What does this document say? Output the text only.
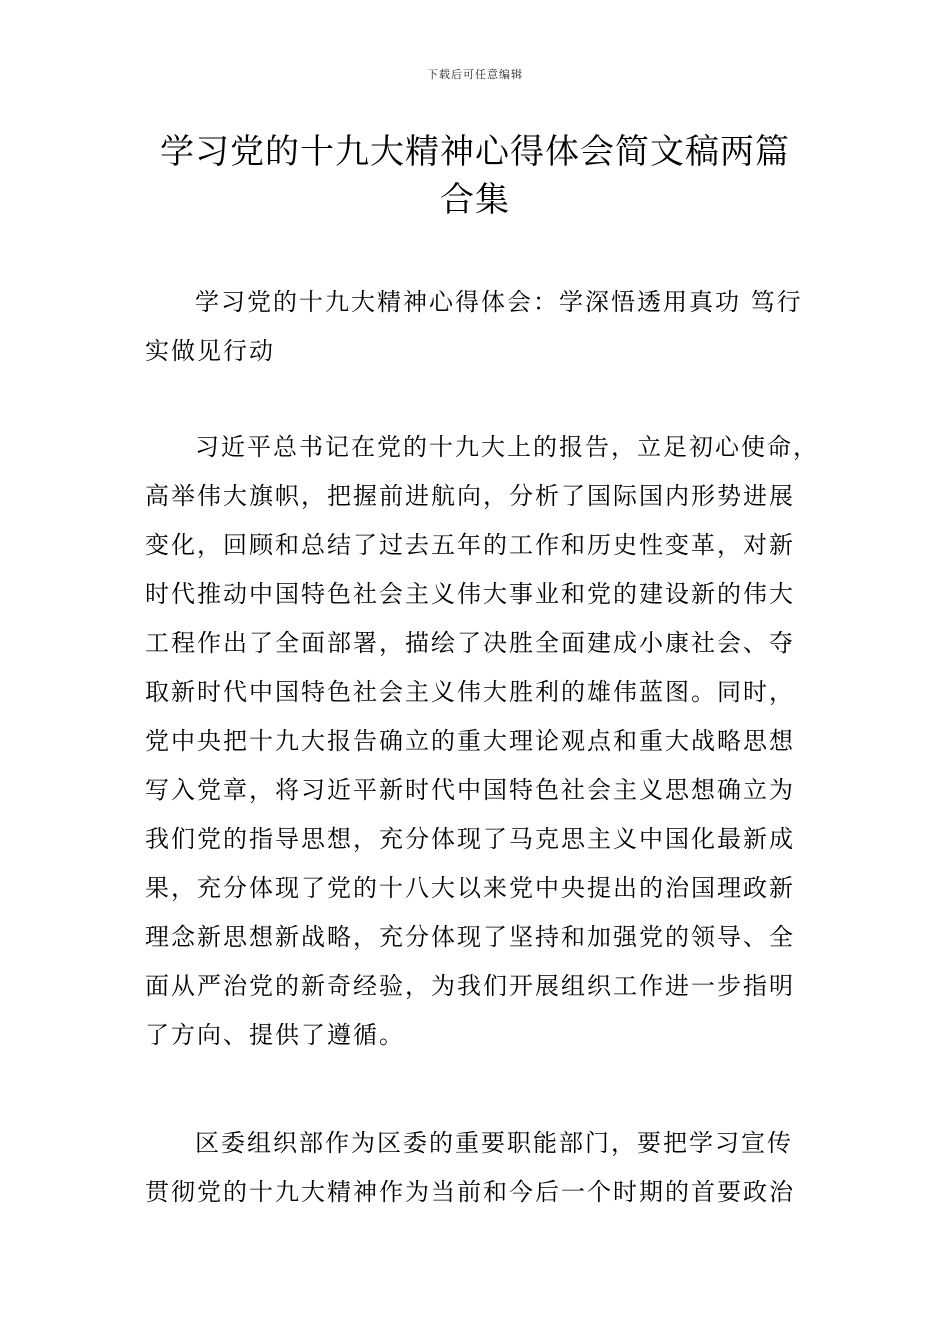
下载后可任意编辑
学习党的十九大精神心得体会简文稿两篇
合集
学习党的十九大精神心得体会：学深悟透用真功 笃行
实做见行动
习近平总书记在党的十九大上的报告，立足初心使命，
高举伟大旗帜，把握前进航向，分析了国际国内形势进展
变化，回顾和总结了过去五年的工作和历史性变革，对新
时代推动中国特色社会主义伟大事业和党的建设新的伟大
工程作出了全面部署，描绘了决胜全面建成小康社会、夺
取新时代中国特色社会主义伟大胜利的雄伟蓝图。同时，
党中央把十九大报告确立的重大理论观点和重大战略思想
写入党章，将习近平新时代中国特色社会主义思想确立为
我们党的指导思想，充分体现了马克思主义中国化最新成
果，充分体现了党的十八大以来党中央提出的治国理政新
理念新思想新战略，充分体现了坚持和加强党的领导、全
面从严治党的新奇经验，为我们开展组织工作进一步指明
了方向、提供了遵循。
区委组织部作为区委的重要职能部门，要把学习宣传
贯彻党的十九大精神作为当前和今后一个时期的首要政治
